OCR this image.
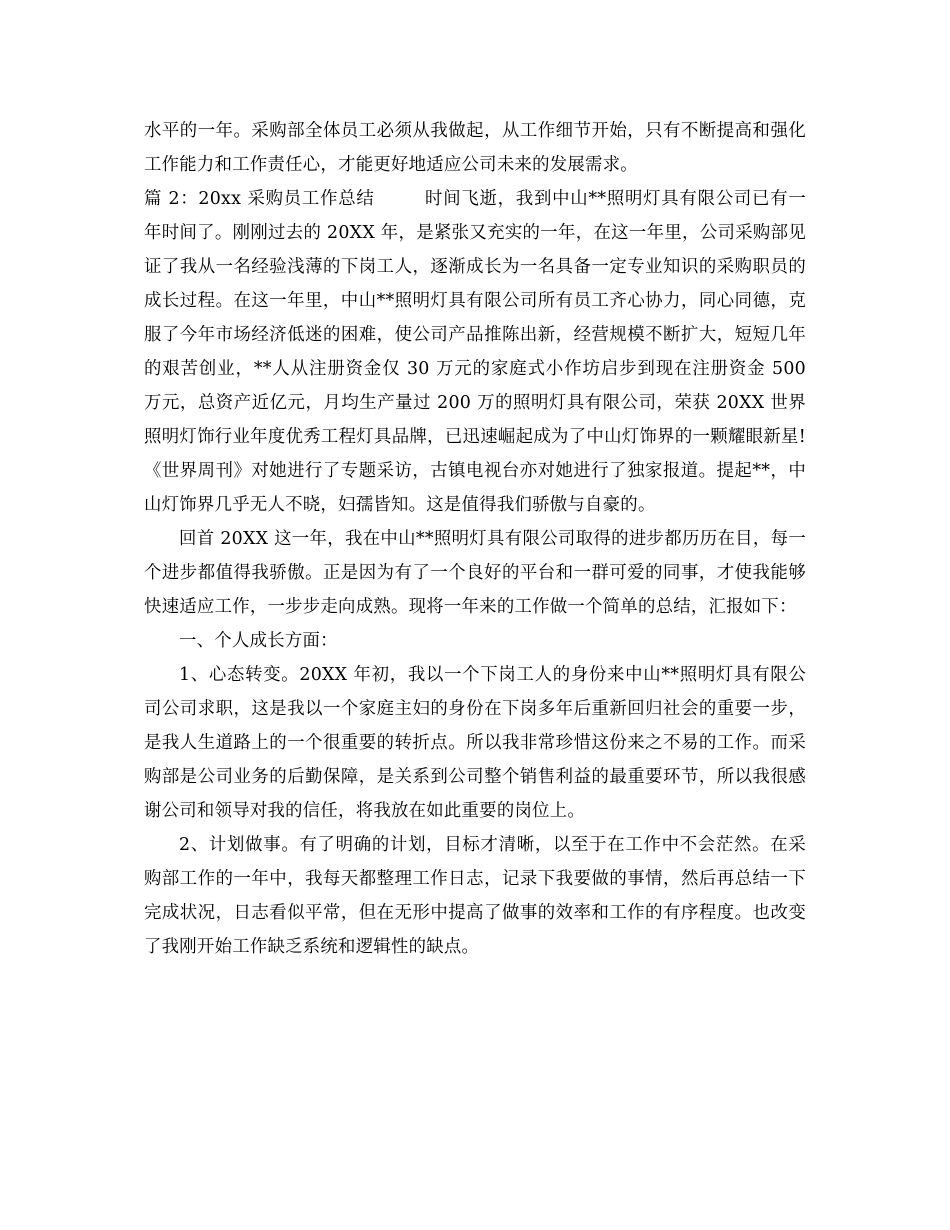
水平的一年。采购部全体员工必须从我做起，从工作细节开始，只有不断提高和强化工作能力和工作责任心，才能更好地适应公司未来的发展需求。

篇 2：20xx 采购员工作总结	时间飞逝，我到中山**照明灯具有限公司已有一年时间了。刚刚过去的 20XX 年，是紧张又充实的一年，在这一年里，公司采购部见证了我从一名经验浅薄的下岗工人，逐渐成长为一名具备一定专业知识的采购职员的成长过程。在这一年里，中山**照明灯具有限公司所有员工齐心协力，同心同德，克服了今年市场经济低迷的困难，使公司产品推陈出新，经营规模不断扩大，短短几年的艰苦创业，**人从注册资金仅 30 万元的家庭式小作坊启步到现在注册资金 500 万元，总资产近亿元，月均生产量过 200 万的照明灯具有限公司，荣获 20XX 世界照明灯饰行业年度优秀工程灯具品牌，已迅速崛起成为了中山灯饰界的一颗耀眼新星!《世界周刊》对她进行了专题采访，古镇电视台亦对她进行了独家报道。提起**，中山灯饰界几乎无人不晓，妇孺皆知。这是值得我们骄傲与自豪的。

回首 20XX 这一年，我在中山**照明灯具有限公司取得的进步都历历在目，每一个进步都值得我骄傲。正是因为有了一个良好的平台和一群可爱的同事，才使我能够快速适应工作，一步步走向成熟。现将一年来的工作做一个简单的总结，汇报如下：

一、个人成长方面：

1、心态转变。20XX 年初，我以一个下岗工人的身份来中山**照明灯具有限公司公司求职，这是我以一个家庭主妇的身份在下岗多年后重新回归社会的重要一步，是我人生道路上的一个很重要的转折点。所以我非常珍惜这份来之不易的工作。而采购部是公司业务的后勤保障，是关系到公司整个销售利益的最重要环节，所以我很感谢公司和领导对我的信任，将我放在如此重要的岗位上。

2、计划做事。有了明确的计划，目标才清晰，以至于在工作中不会茫然。在采购部工作的一年中，我每天都整理工作日志，记录下我要做的事情，然后再总结一下完成状况，日志看似平常，但在无形中提高了做事的效率和工作的有序程度。也改变了我刚开始工作缺乏系统和逻辑性的缺点。
